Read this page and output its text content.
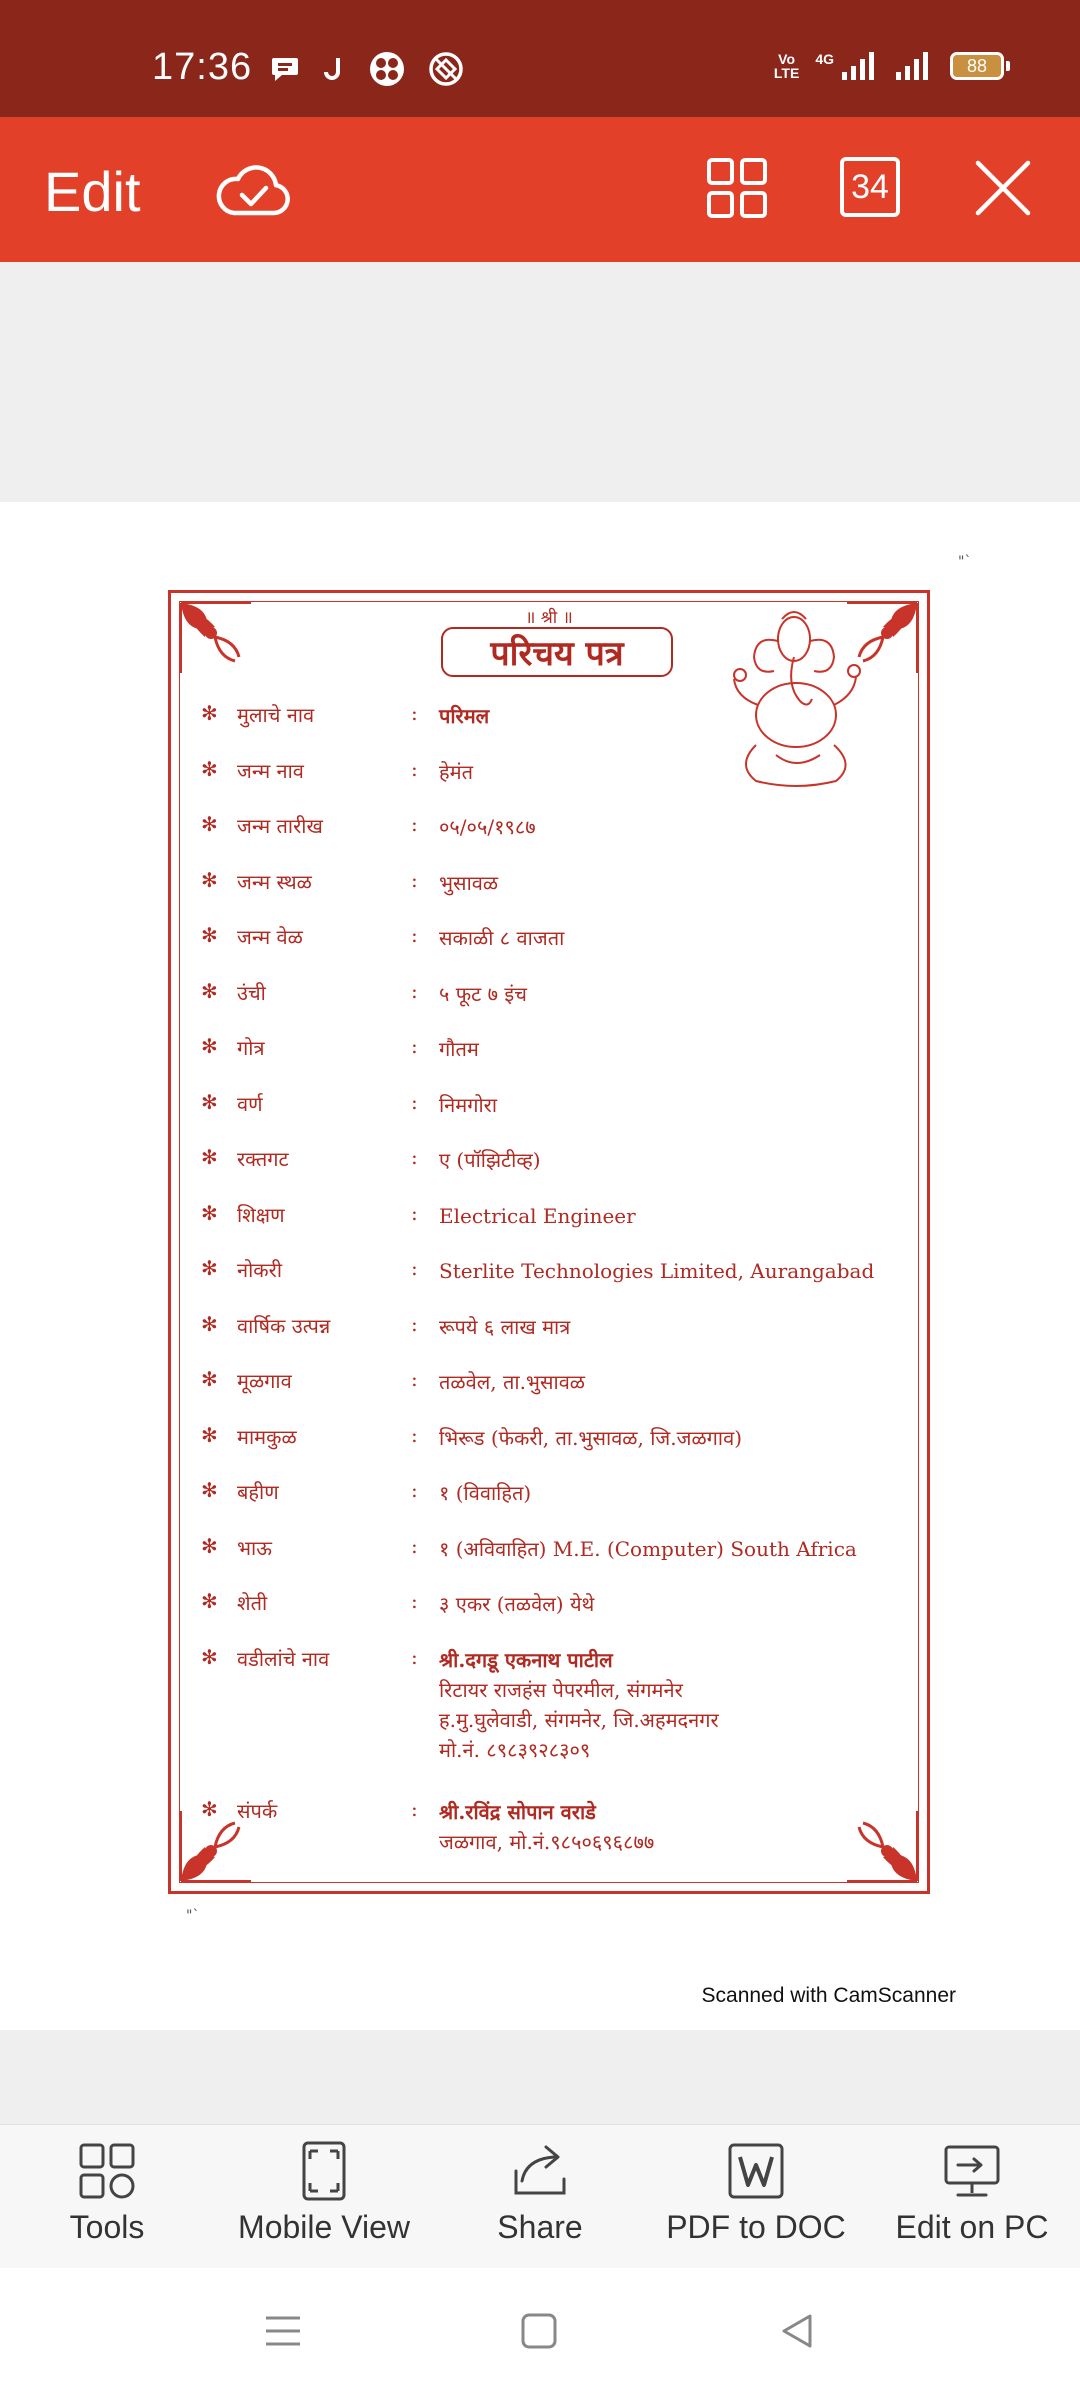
17:36	Vo
LTE
4G	88
Edit	34
"`
"`
॥ श्री ॥
परिचय पत्र
✻ मुलाचे नाव	: परिमल
✻ जन्म नाव	: हेमंत
✻ जन्म तारीख	: ०५/०५/१९८७
✻ जन्म स्थळ	: भुसावळ
✻ जन्म वेळ	: सकाळी ८ वाजता
✻ उंची	: ५ फूट ७ इंच
✻ गोत्र	: गौतम
✻ वर्ण	: निमगोरा
✻ रक्तगट	: ए (पॉझिटीव्ह)
✻ शिक्षण	: Electrical Engineer
✻ नोकरी	: Sterlite Technologies Limited, Aurangabad
✻ वार्षिक उत्पन्न	: रूपये ६ लाख मात्र
✻ मूळगाव	: तळवेल, ता.भुसावळ
✻ मामकुळ	: भिरूड (फेकरी, ता.भुसावळ, जि.जळगाव)
✻ बहीण	: १ (विवाहित)
✻ भाऊ	: १ (अविवाहित) M.E. (Computer) South Africa
✻ शेती	: ३ एकर (तळवेल) येथे
✻ वडीलांचे नाव	: श्री.दगडू एकनाथ पाटील
रिटायर राजहंस पेपरमील, संगमनेर
ह.मु.घुलेवाडी, संगमनेर, जि.अहमदनगर
मो.नं. ८९८३९२८३०९
✻ संपर्क	: श्री.रविंद्र सोपान वराडे
जळगाव, मो.नं.९८५०६९६८७७
Scanned with CamScanner
Tools	Mobile View	Share	PDF to DOC	Edit on PC
